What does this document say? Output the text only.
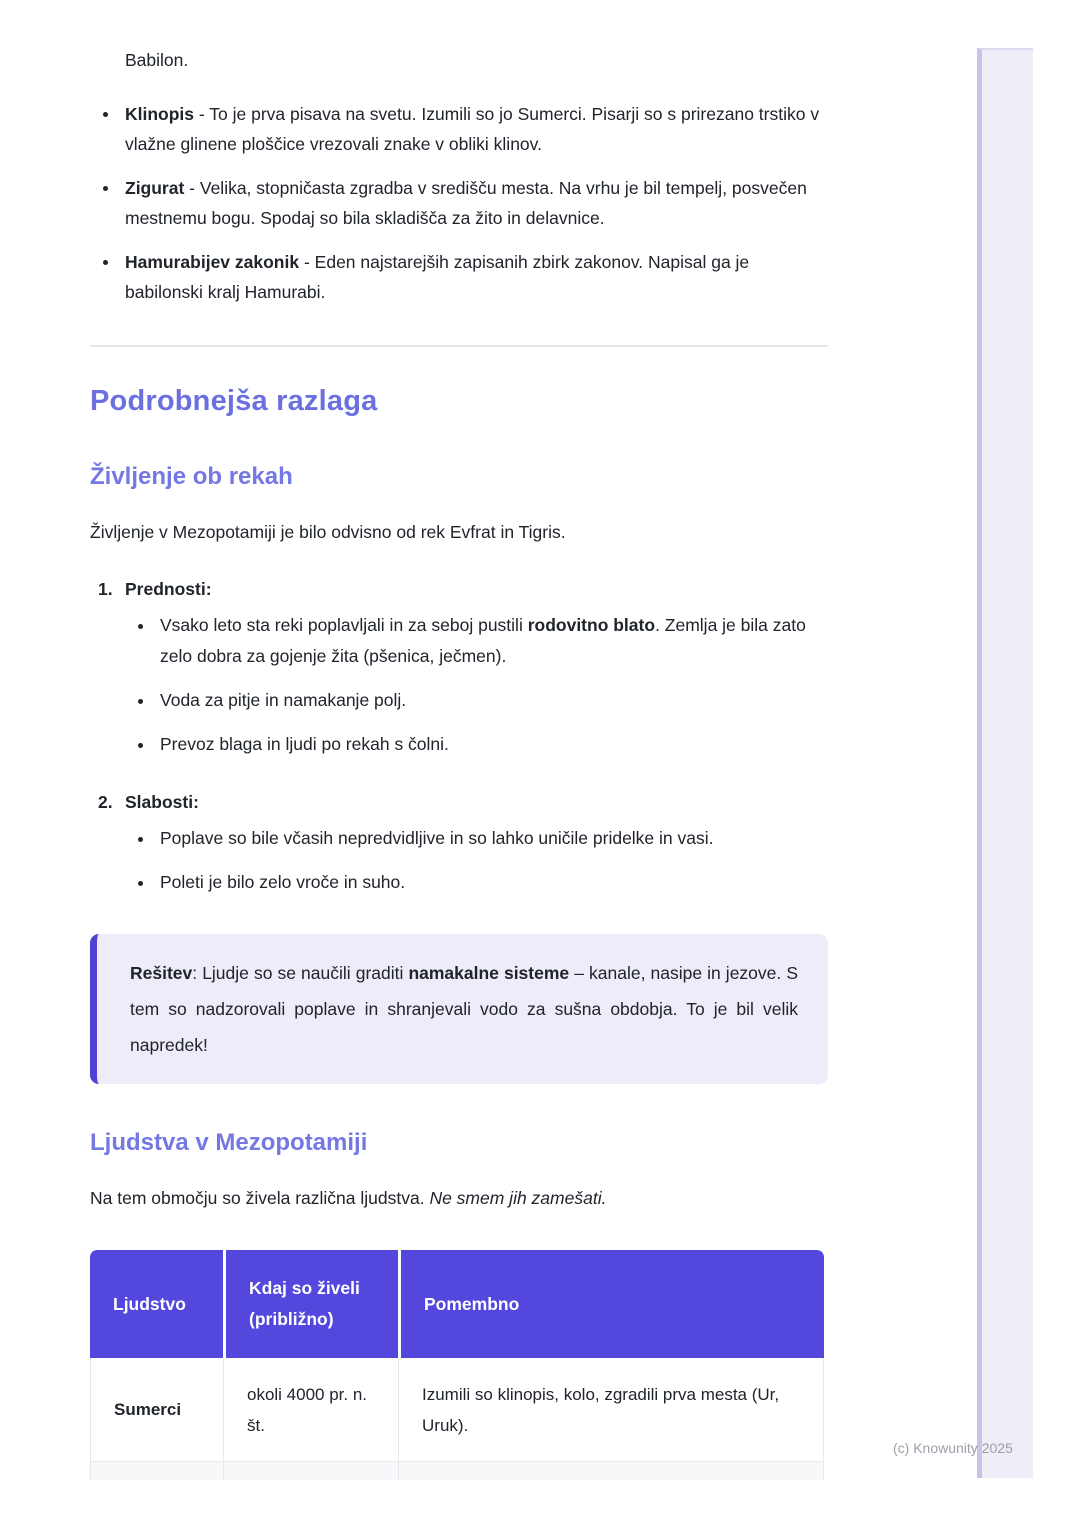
Babilon.
Klinopis - To je prva pisava na svetu. Izumili so jo Sumerci. Pisarji so s prirezano trstiko v vlažne glinene ploščice vrezovali znake v obliki klinov.
Zigurat - Velika, stopničasta zgradba v središču mesta. Na vrhu je bil tempelj, posvečen mestnemu bogu. Spodaj so bila skladišča za žito in delavnice.
Hamurabijev zakonik - Eden najstarejših zapisanih zbirk zakonov. Napisal ga je babilonski kralj Hamurabi.
Podrobnejša razlaga
Življenje ob rekah

Življenje v Mezopotamiji je bilo odvisno od rek Evfrat in Tigris.

1. Prednosti:
Vsako leto sta reki poplavljali in za seboj pustili rodovitno blato. Zemlja je bila zato zelo dobra za gojenje žita (pšenica, ječmen).
Voda za pitje in namakanje polj.
Prevoz blaga in ljudi po rekah s čolni.
2. Slabosti:
Poplave so bile včasih nepredvidljive in so lahko uničile pridelke in vasi.
Poleti je bilo zelo vroče in suho.

Rešitev: Ljudje so se naučili graditi namakalne sisteme – kanale, nasipe in jezove. S tem so nadzorovali poplave in shranjevali vodo za sušna obdobja. To je bil velik napredek!

Ljudstva v Mezopotamiji

Na tem območju so živela različna ljudstva. Ne smem jih zamešati.

Ljudstvo	Kdaj so živeli (približno)	Pomembno
Sumerci	okoli 4000 pr. n. št.	Izumili so klinopis, kolo, zgradili prva mesta (Ur, Uruk).

(c) Knowunity 2025
